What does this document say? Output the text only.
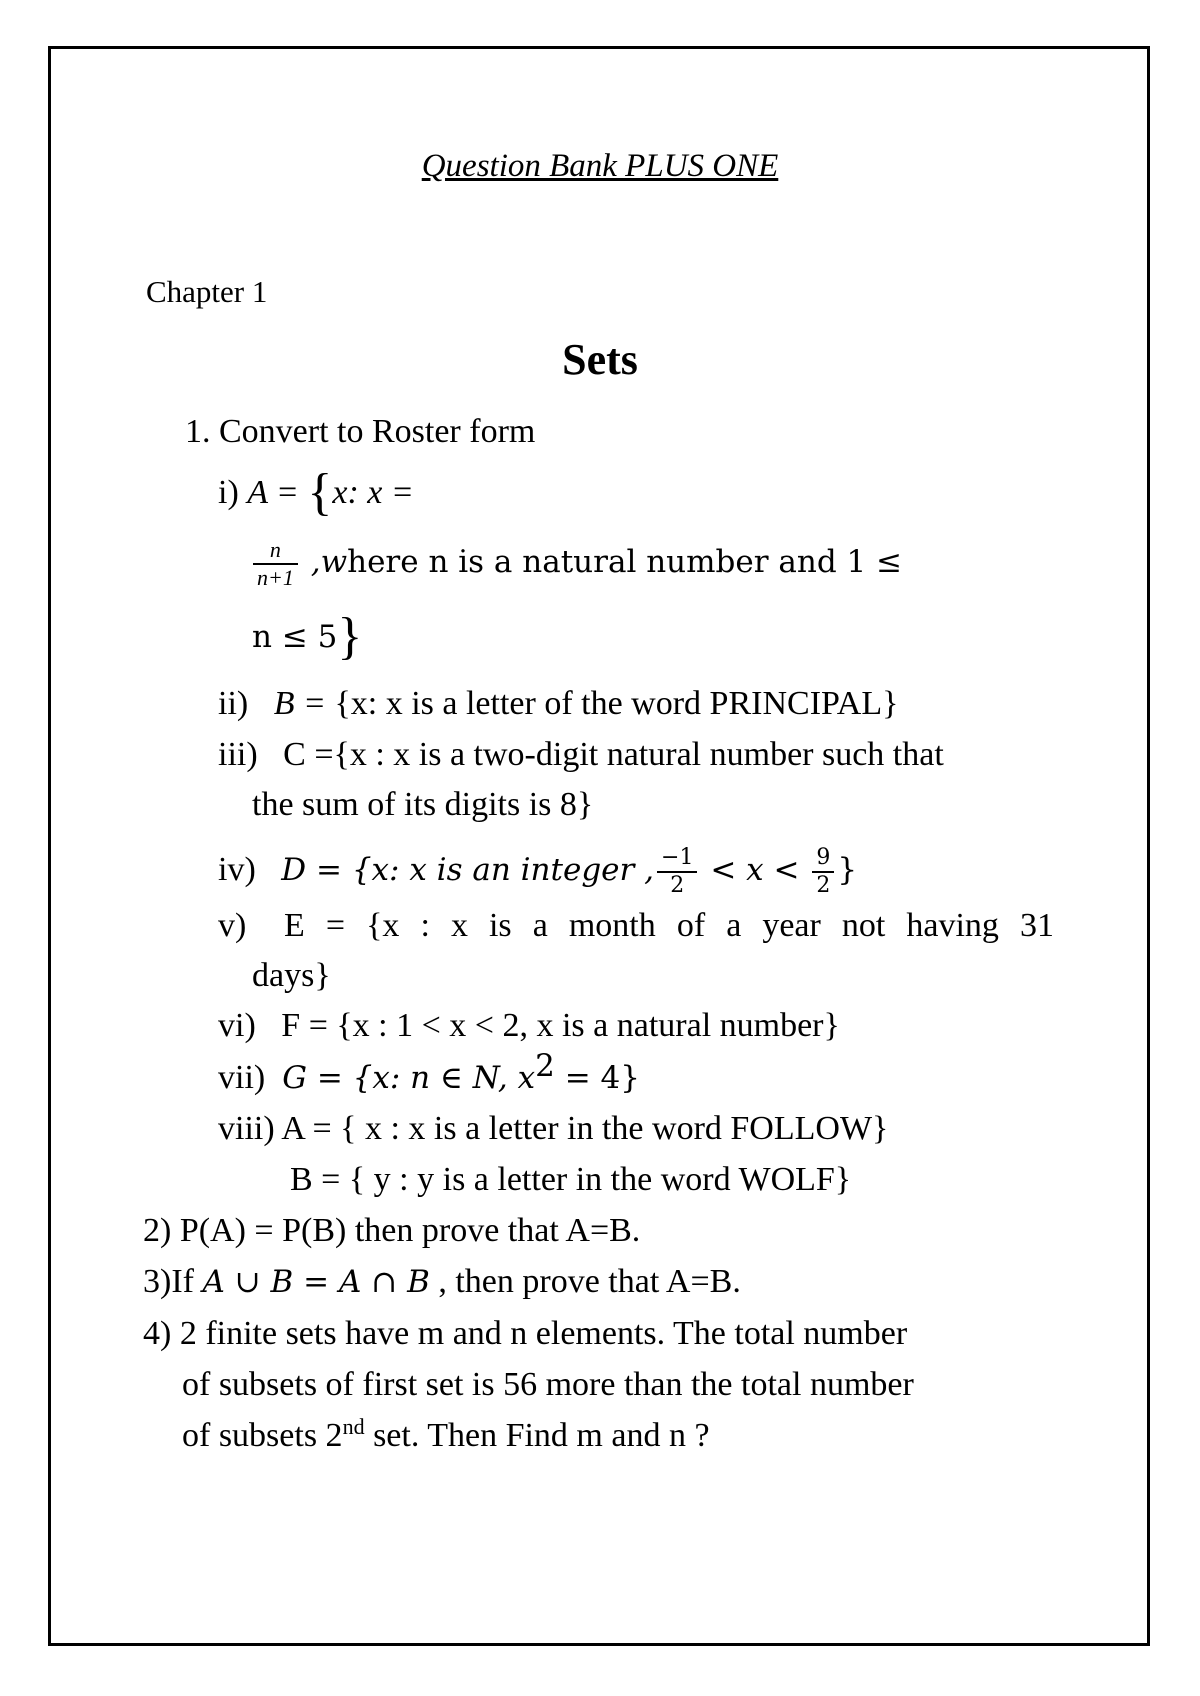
Question Bank PLUS ONE
Chapter 1
Sets
1. Convert to Roster form
i) A = {x: x =
$\frac{n}{n+1}$ ,where n is a natural number and 1 ≤
n ≤ 5}
ii) B = {x: x is a letter of the word PRINCIPAL}
iii) C ={x : x is a two-digit natural number such that
the sum of its digits is 8}
iv) D = {x: x is an integer , $\frac{-1}{2} < x < \frac{9}{2}$ }
v) E = {x : x is a month of a year not having 31
days}
vi) F = {x : 1 < x < 2, x is a natural number}
vii) G = {x: n ∈ N, $x^2 = 4$}
viii) A = { x : x is a letter in the word FOLLOW}
B = { y : y is a letter in the word WOLF}
2) P(A) = P(B) then prove that A=B.
3)If A ∪ B = A ∩ B , then prove that A=B.
4) 2 finite sets have m and n elements. The total number
of subsets of first set is 56 more than the total number
of subsets 2nd set. Then Find m and n ?
